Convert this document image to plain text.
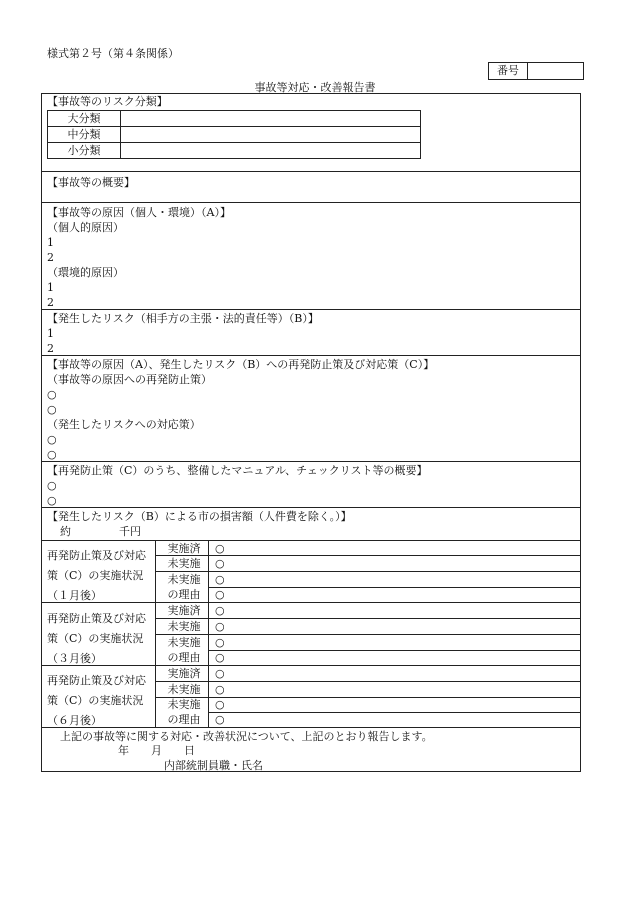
様式第２号（第４条関係）
番号
事故等対応・改善報告書
【事故等のリスク分類】
大分類	
中分類	
小分類	
【事故等の概要】
【事故等の原因（個人・環境）（A）】
（個人的原因）
1
2
（環境的原因）
1
2
【発生したリスク（相手方の主張・法的責任等）（B）】
1
2
【事故等の原因（A）、発生したリスク（B）への再発防止策及び対応策（C）】
（事故等の原因への再発防止策）
○
○
（発生したリスクへの対応策）
○
○
【再発防止策（C）のうち、整備したマニュアル、チェックリスト等の概要】
○
○
【発生したリスク（B）による市の損害額（人件費を除く。）】
約	千円
再発防止策及び対応策（C）の実施状況（１月後）
実施済	○
未実施	○
未実施	○
の理由	○
再発防止策及び対応策（C）の実施状況（３月後）
実施済	○
未実施	○
未実施	○
の理由	○
再発防止策及び対応策（C）の実施状況（６月後）
実施済	○
未実施	○
未実施	○
の理由	○
上記の事故等に関する対応・改善状況について、上記のとおり報告します。
年　　月　　日
内部統制員職・氏名
